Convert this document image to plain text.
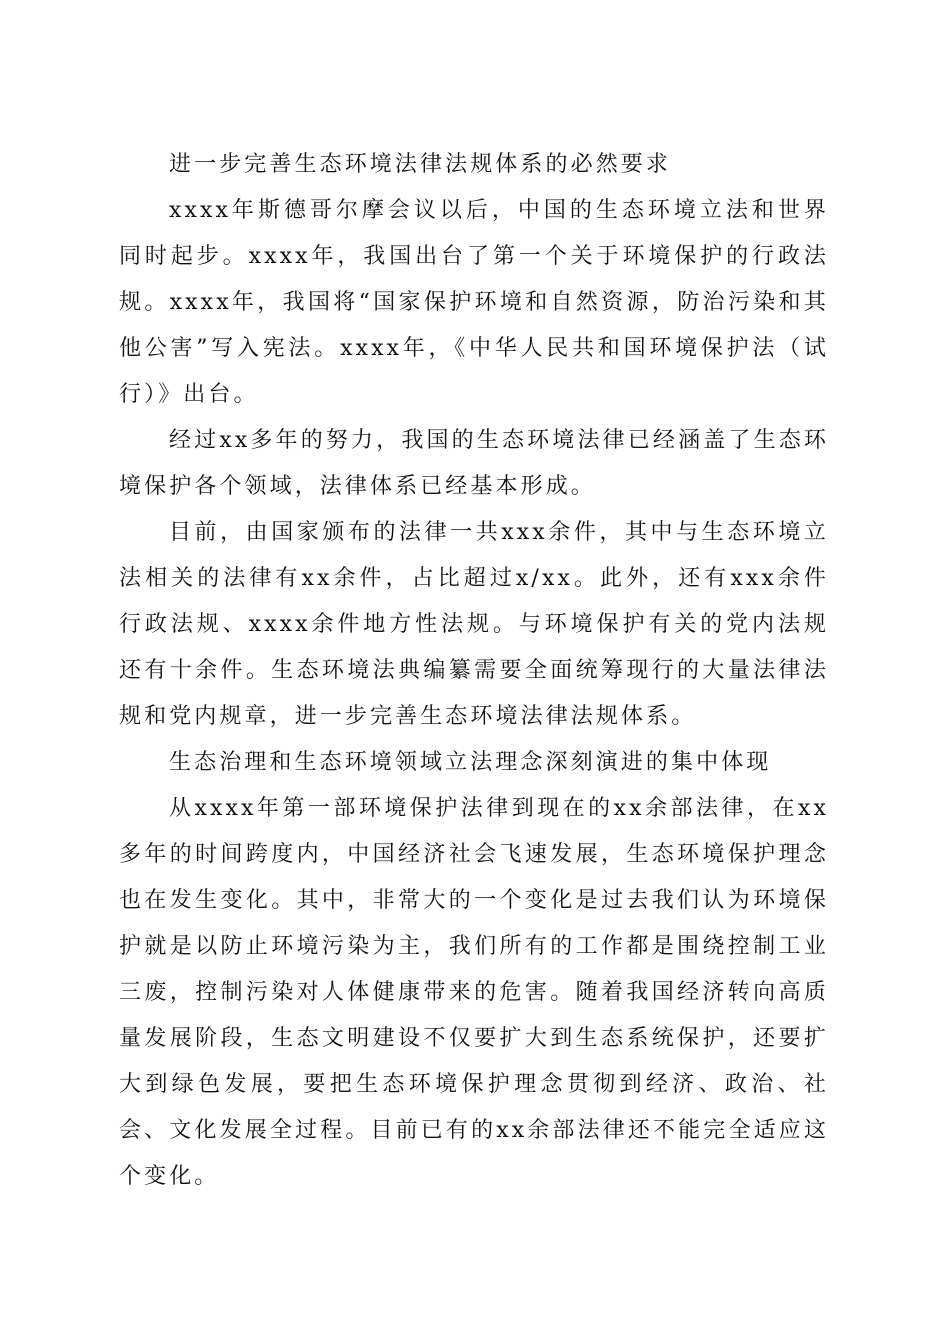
进一步完善生态环境法律法规体系的必然要求

xxxx年斯德哥尔摩会议以后，中国的生态环境立法和世界同时起步。xxxx年，我国出台了第一个关于环境保护的行政法规。xxxx年，我国将“国家保护环境和自然资源，防治污染和其他公害”写入宪法。xxxx年，《中华人民共和国环境保护法（试行）》出台。

经过xx多年的努力，我国的生态环境法律已经涵盖了生态环境保护各个领域，法律体系已经基本形成。

目前，由国家颁布的法律一共xxx余件，其中与生态环境立法相关的法律有xx余件，占比超过x/xx。此外，还有xxx余件行政法规、xxxx余件地方性法规。与环境保护有关的党内法规还有十余件。生态环境法典编纂需要全面统筹现行的大量法律法规和党内规章，进一步完善生态环境法律法规体系。

生态治理和生态环境领域立法理念深刻演进的集中体现

从xxxx年第一部环境保护法律到现在的xx余部法律，在xx多年的时间跨度内，中国经济社会飞速发展，生态环境保护理念也在发生变化。其中，非常大的一个变化是过去我们认为环境保护就是以防止环境污染为主，我们所有的工作都是围绕控制工业三废，控制污染对人体健康带来的危害。随着我国经济转向高质量发展阶段，生态文明建设不仅要扩大到生态系统保护，还要扩大到绿色发展，要把生态环境保护理念贯彻到经济、政治、社会、文化发展全过程。目前已有的xx余部法律还不能完全适应这个变化。
